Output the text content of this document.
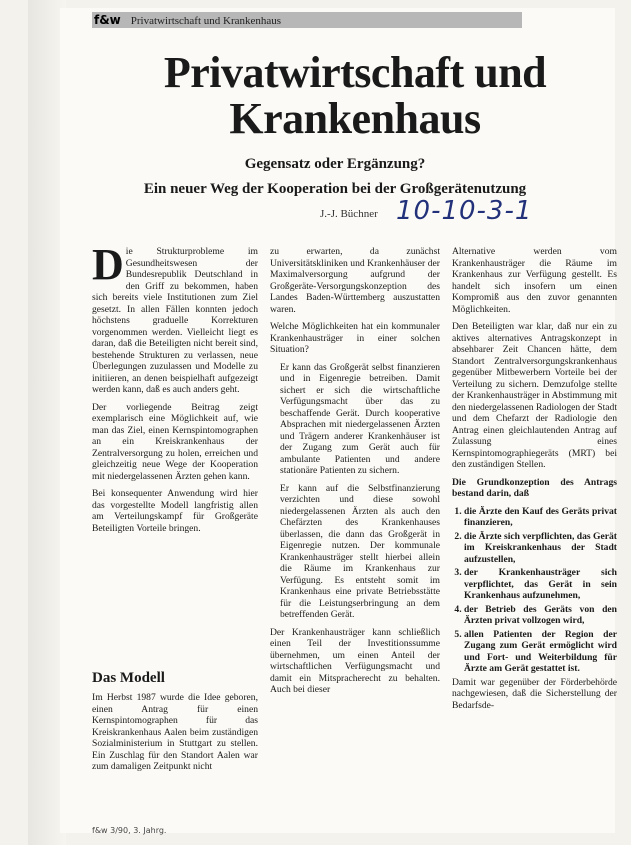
f&w Privatwirtschaft und Krankenhaus
Privatwirtschaft und Krankenhaus
Gegensatz oder Ergänzung?
Ein neuer Weg der Kooperation bei der Großgerätenutzung
J.-J. Büchner 10-10-3-1

Die Strukturprobleme im Gesundheitswesen der Bundesrepublik Deutschland in den Griff zu bekommen, haben sich bereits viele Institutionen zum Ziel gesetzt. In allen Fällen konnten jedoch höchstens graduelle Korrekturen vorgenommen werden. Vielleicht liegt es daran, daß die Beteiligten nicht bereit sind, bestehende Strukturen zu verlassen, neue Überlegungen zuzulassen und Modelle zu initiieren, an denen beispielhaft aufgezeigt werden kann, daß es auch anders geht.

Der vorliegende Beitrag zeigt exemplarisch eine Möglichkeit auf, wie man das Ziel, einen Kernspintomographen an ein Kreiskrankenhaus der Zentralversorgung zu holen, erreichen und gleichzeitig neue Wege der Kooperation mit niedergelassenen Ärzten gehen kann.

Bei konsequenter Anwendung wird hier das vorgestellte Modell langfristig allen am Verteilungskampf für Großgeräte Beteiligten Vorteile bringen.

Das Modell

Im Herbst 1987 wurde die Idee geboren, einen Antrag für einen Kernspintomographen für das Kreiskrankenhaus Aalen beim zuständigen Sozialministerium in Stuttgart zu stellen. Ein Zuschlag für den Standort Aalen war zum damaligen Zeitpunkt nicht

zu erwarten, da zunächst Universitätskliniken und Krankenhäuser der Maximalversorgung aufgrund der Großgeräte-Versorgungskonzeption des Landes Baden-Württemberg auszustatten waren.

Welche Möglichkeiten hat ein kommunaler Krankenhausträger in einer solchen Situation?

Er kann das Großgerät selbst finanzieren und in Eigenregie betreiben. Damit sichert er sich die wirtschaftliche Verfügungsmacht über das zu beschaffende Gerät. Durch kooperative Absprachen mit niedergelassenen Ärzten und Trägern anderer Krankenhäuser ist der Zugang zum Gerät auch für ambulante Patienten und andere stationäre Patienten zu sichern.

Er kann auf die Selbstfinanzierung verzichten und diese sowohl niedergelassenen Ärzten als auch den Chefärzten des Krankenhauses überlassen, die dann das Großgerät in Eigenregie nutzen. Der kommunale Krankenhausträger stellt hierbei allein die Räume im Krankenhaus zur Verfügung. Es entsteht somit im Krankenhaus eine private Betriebsstätte für die Leistungserbringung an dem betreffenden Gerät.

Der Krankenhausträger kann schließlich einen Teil der Investitionssumme übernehmen, um einen Anteil der wirtschaftlichen Verfügungsmacht und damit ein Mitspracherecht zu behalten. Auch bei dieser

Alternative werden vom Krankenhausträger die Räume im Krankenhaus zur Verfügung gestellt. Es handelt sich insofern um einen Kompromiß aus den zuvor genannten Möglichkeiten.

Den Beteiligten war klar, daß nur ein zu aktives alternatives Antragskonzept in absehbarer Zeit Chancen hätte, dem Standort Zentralversorgungskrankenhaus gegenüber Mitbewerbern Vorteile bei der Verteilung zu sichern. Demzufolge stellte der Krankenhausträger in Abstimmung mit den niedergelassenen Radiologen der Stadt und dem Chefarzt der Radiologie den Antrag einen gleichlautenden Antrag auf Zulassung eines Kernspintomographiegeräts (MRT) bei den zuständigen Stellen.

Die Grundkonzeption des Antrags bestand darin, daß

1. die Ärzte den Kauf des Geräts privat finanzieren,
2. die Ärzte sich verpflichten, das Gerät im Kreiskrankenhaus der Stadt aufzustellen,
3. der Krankenhausträger sich verpflichtet, das Gerät in sein Krankenhaus aufzunehmen,
4. der Betrieb des Geräts von den Ärzten privat vollzogen wird,
5. allen Patienten der Region der Zugang zum Gerät ermöglicht wird und Fort- und Weiterbildung für Ärzte am Gerät gestattet ist.

Damit war gegenüber der Förderbehörde nachgewiesen, daß die Sicherstellung der Bedarfsde-

f&w 3/90, 3. Jahrg.
